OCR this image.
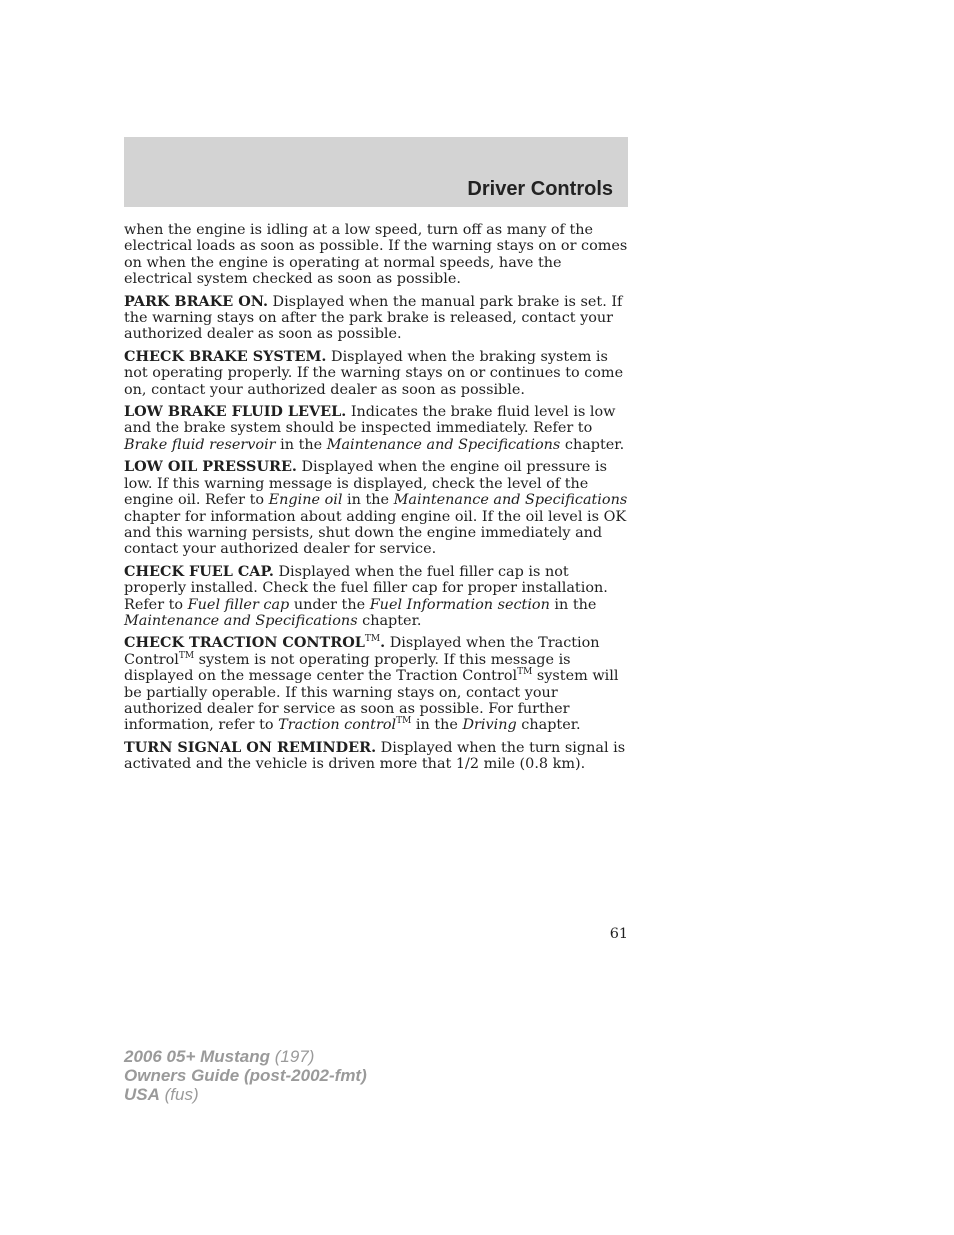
Driver Controls

when the engine is idling at a low speed, turn off as many of the electrical loads as soon as possible. If the warning stays on or comes on when the engine is operating at normal speeds, have the electrical system checked as soon as possible.

PARK BRAKE ON. Displayed when the manual park brake is set. If the warning stays on after the park brake is released, contact your authorized dealer as soon as possible.

CHECK BRAKE SYSTEM. Displayed when the braking system is not operating properly. If the warning stays on or continues to come on, contact your authorized dealer as soon as possible.

LOW BRAKE FLUID LEVEL. Indicates the brake fluid level is low and the brake system should be inspected immediately. Refer to Brake fluid reservoir in the Maintenance and Specifications chapter.

LOW OIL PRESSURE. Displayed when the engine oil pressure is low. If this warning message is displayed, check the level of the engine oil. Refer to Engine oil in the Maintenance and Specifications chapter for information about adding engine oil. If the oil level is OK and this warning persists, shut down the engine immediately and contact your authorized dealer for service.

CHECK FUEL CAP. Displayed when the fuel filler cap is not properly installed. Check the fuel filler cap for proper installation. Refer to Fuel filler cap under the Fuel Information section in the Maintenance and Specifications chapter.

CHECK TRACTION CONTROL™. Displayed when the Traction Control™ system is not operating properly. If this message is displayed on the message center the Traction Control™ system will be partially operable. If this warning stays on, contact your authorized dealer for service as soon as possible. For further information, refer to Traction control™ in the Driving chapter.

TURN SIGNAL ON REMINDER. Displayed when the turn signal is activated and the vehicle is driven more that 1/2 mile (0.8 km).

61
2006 05+ Mustang (197)
Owners Guide (post-2002-fmt)
USA (fus)
